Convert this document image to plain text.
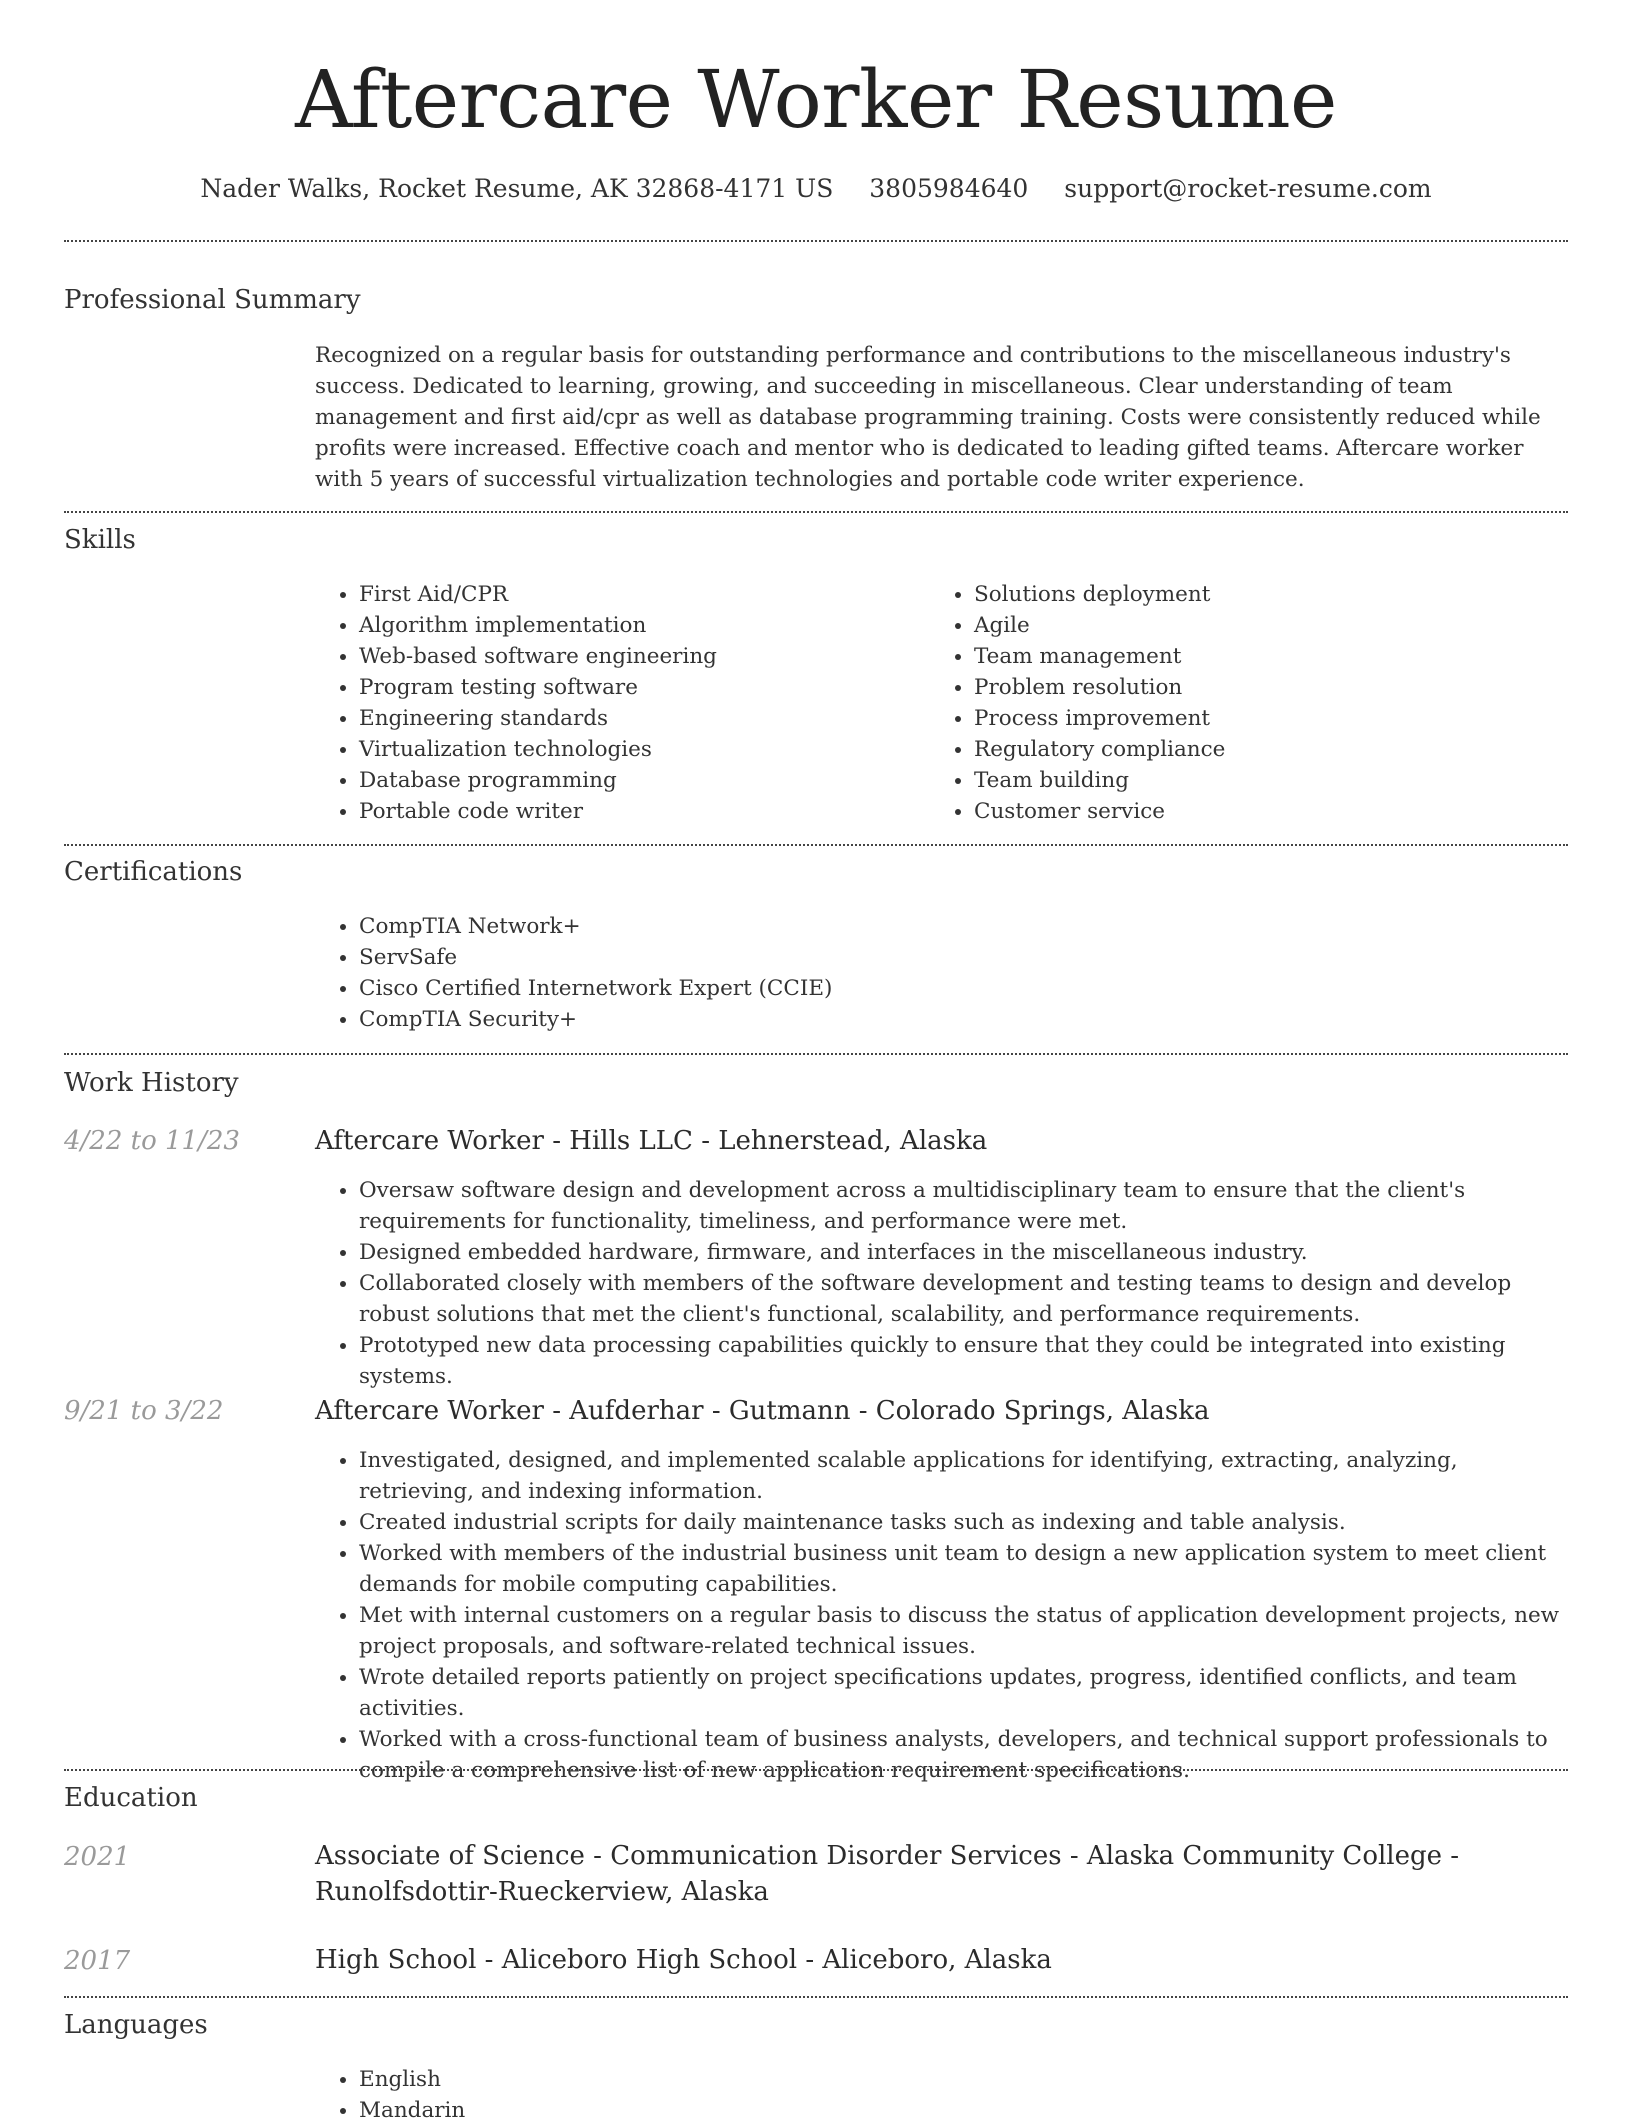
Aftercare Worker Resume
Nader Walks, Rocket Resume, AK 32868-4171 US 3805984640 support@rocket-resume.com
Professional Summary

Recognized on a regular basis for outstanding performance and contributions to the miscellaneous industry's success. Dedicated to learning, growing, and succeeding in miscellaneous. Clear understanding of team management and first aid/cpr as well as database programming training. Costs were consistently reduced while profits were increased. Effective coach and mentor who is dedicated to leading gifted teams. Aftercare worker with 5 years of successful virtualization technologies and portable code writer experience.

Skills
• First Aid/CPR
• Algorithm implementation
• Web-based software engineering
• Program testing software
• Engineering standards
• Virtualization technologies
• Database programming
• Portable code writer
• Solutions deployment
• Agile
• Team management
• Problem resolution
• Process improvement
• Regulatory compliance
• Team building
• Customer service
Certifications
• CompTIA Network+
• ServSafe
• Cisco Certified Internetwork Expert (CCIE)
• CompTIA Security+
Work History
4/22 to 11/23	Aftercare Worker - Hills LLC - Lehnerstead, Alaska
• Oversaw software design and development across a multidisciplinary team to ensure that the client's requirements for functionality, timeliness, and performance were met.
• Designed embedded hardware, firmware, and interfaces in the miscellaneous industry.
• Collaborated closely with members of the software development and testing teams to design and develop robust solutions that met the client's functional, scalability, and performance requirements.
• Prototyped new data processing capabilities quickly to ensure that they could be integrated into existing systems.
9/21 to 3/22	Aftercare Worker - Aufderhar - Gutmann - Colorado Springs, Alaska
• Investigated, designed, and implemented scalable applications for identifying, extracting, analyzing, retrieving, and indexing information.
• Created industrial scripts for daily maintenance tasks such as indexing and table analysis.
• Worked with members of the industrial business unit team to design a new application system to meet client demands for mobile computing capabilities.
• Met with internal customers on a regular basis to discuss the status of application development projects, new project proposals, and software-related technical issues.
• Wrote detailed reports patiently on project specifications updates, progress, identified conflicts, and team activities.
• Worked with a cross-functional team of business analysts, developers, and technical support professionals to compile a comprehensive list of new application requirement specifications.
Education
2021	Associate of Science - Communication Disorder Services - Alaska Community College - Runolfsdottir-Rueckerview, Alaska
2017	High School - Aliceboro High School - Aliceboro, Alaska
Languages
• English
• Mandarin
